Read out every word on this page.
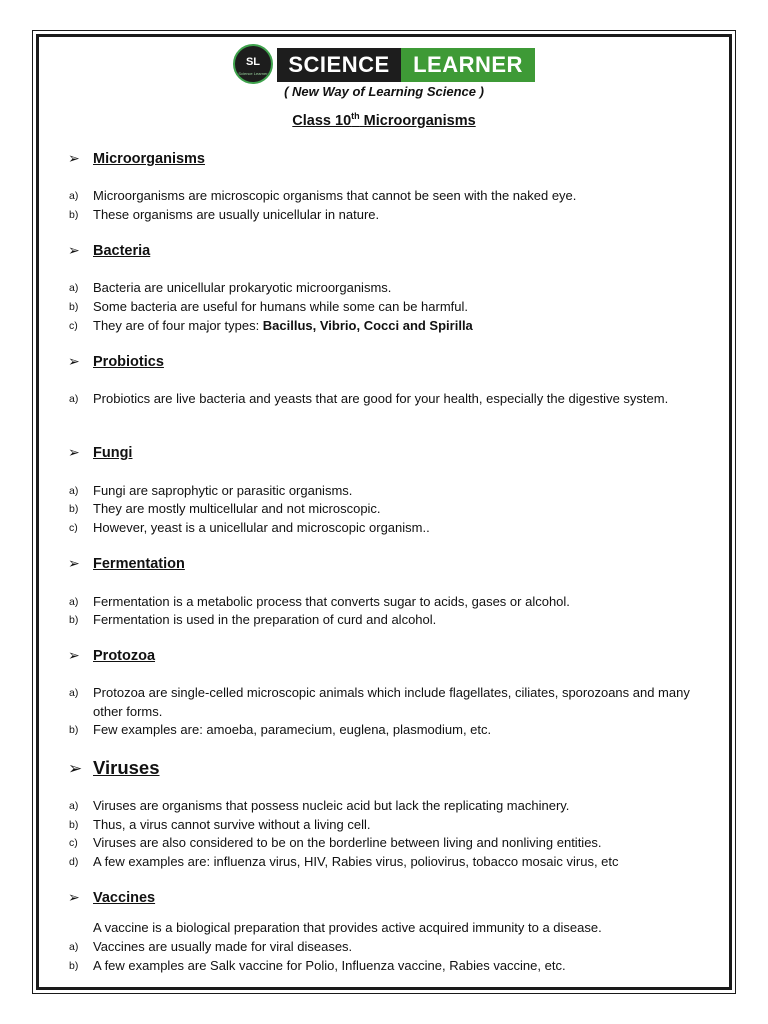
SL
Science Learner SCIENCE	LEARNER
( New Way of Learning Science )
Class 10th Microorganisms
➢ Microorganisms
a) Microorganisms are microscopic organisms that cannot be seen with the naked eye.
b) These organisms are usually unicellular in nature.
➢ Bacteria
a) Bacteria are unicellular prokaryotic microorganisms.
b) Some bacteria are useful for humans while some can be harmful.
c) They are of four major types: Bacillus, Vibrio, Cocci and Spirilla
➢ Probiotics
a) Probiotics are live bacteria and yeasts that are good for your health, especially the digestive system.
➢ Fungi
a) Fungi are saprophytic or parasitic organisms.
b) They are mostly multicellular and not microscopic.
c) However, yeast is a unicellular and microscopic organism..
➢ Fermentation
a) Fermentation is a metabolic process that converts sugar to acids, gases or alcohol.
b) Fermentation is used in the preparation of curd and alcohol.
➢ Protozoa
a) Protozoa are single-celled microscopic animals which include flagellates, ciliates, sporozoans and many other forms.
b) Few examples are: amoeba, paramecium, euglena, plasmodium, etc.
➢ Viruses
a) Viruses are organisms that possess nucleic acid but lack the replicating machinery.
b) Thus, a virus cannot survive without a living cell.
c) Viruses are also considered to be on the borderline between living and nonliving entities.
d) A few examples are: influenza virus, HIV, Rabies virus, poliovirus, tobacco mosaic virus, etc
➢ Vaccines
A vaccine is a biological preparation that provides active acquired immunity to a disease.
a) Vaccines are usually made for viral diseases.
b) A few examples are Salk vaccine for Polio, Influenza vaccine, Rabies vaccine, etc.
